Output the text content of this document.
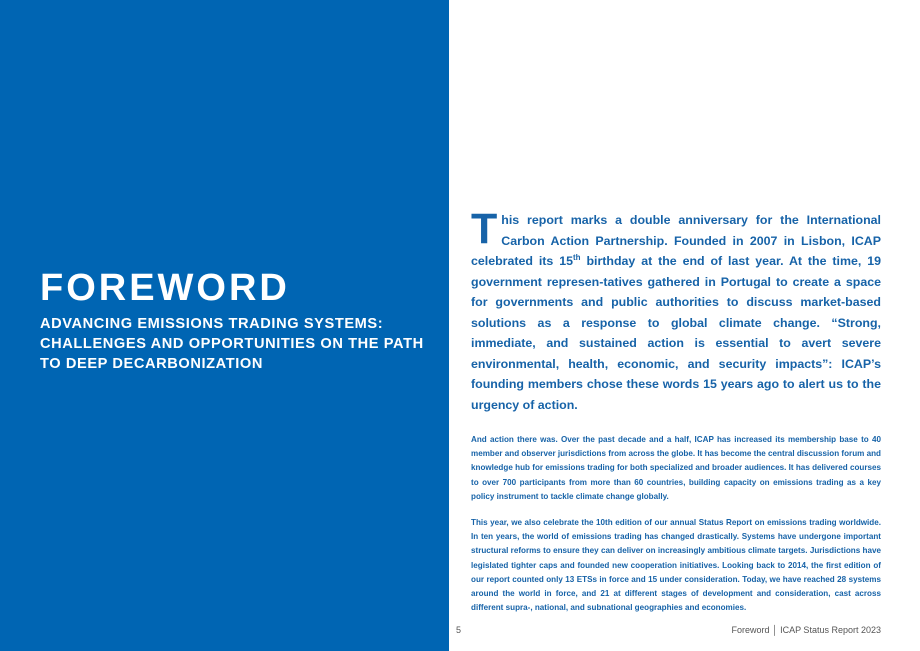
FOREWORD
ADVANCING EMISSIONS TRADING SYSTEMS: CHALLENGES AND OPPORTUNITIES ON THE PATH TO DEEP DECARBONIZATION

This report marks a double anniversary for the International Carbon Action Partnership. Founded in 2007 in Lisbon, ICAP celebrated its 15th birthday at the end of last year. At the time, 19 government represen-tatives gathered in Portugal to create a space for governments and public authorities to discuss market-based solutions as a response to global climate change. “Strong, immediate, and sustained action is essential to avert severe environmental, health, economic, and security impacts”: ICAP’s founding members chose these words 15 years ago to alert us to the urgency of action.

And action there was. Over the past decade and a half, ICAP has increased its membership base to 40 member and observer jurisdictions from across the globe. It has become the central discussion forum and knowledge hub for emissions trading for both specialized and broader audiences. It has delivered courses to over 700 participants from more than 60 countries, building capacity on emissions trading as a key policy instrument to tackle climate change globally.

This year, we also celebrate the 10th edition of our annual Status Report on emissions trading worldwide. In ten years, the world of emissions trading has changed drastically. Systems have undergone important structural reforms to ensure they can deliver on increasingly ambitious climate targets. Jurisdictions have legislated tighter caps and founded new cooperation initiatives. Looking back to 2014, the first edition of our report counted only 13 ETSs in force and 15 under consideration. Today, we have reached 28 systems around the world in force, and 21 at different stages of development and consideration, cast across different supra-, national, and subnational geographies and economies.

5	Foreword │ ICAP Status Report 2023
